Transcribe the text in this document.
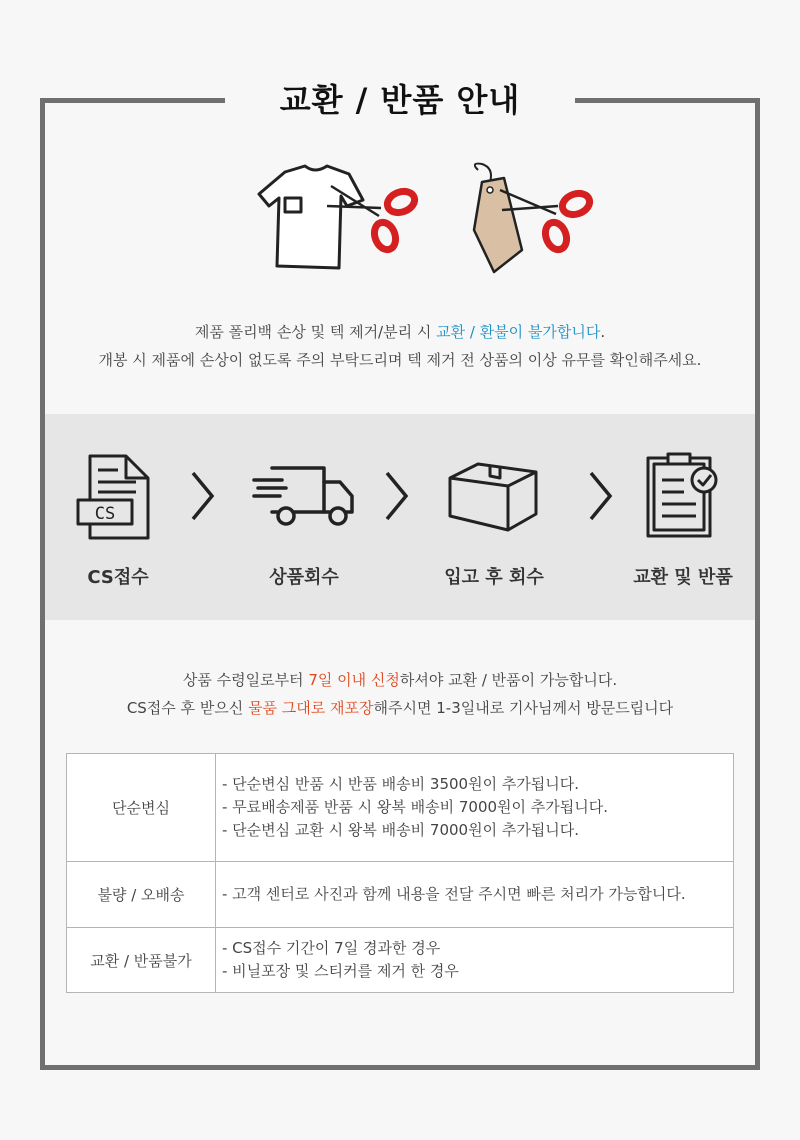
교환 / 반품 안내
제품 폴리백 손상 및 텍 제거/분리 시 교환 / 환불이 불가합니다.
개봉 시 제품에 손상이 없도록 주의 부탁드리며 텍 제거 전 상품의 이상 유무를 확인해주세요.
CS
CS접수	상품회수	입고 후 회수	교환 및 반품
상품 수령일로부터 7일 이내 신청하셔야 교환 / 반품이 가능합니다.
CS접수 후 받으신 물품 그대로 재포장해주시면 1-3일내로 기사님께서 방문드립니다
단순변심	- 단순변심 반품 시 반품 배송비 3500원이 추가됩니다.
- 무료배송제품 반품 시 왕복 배송비 7000원이 추가됩니다.
- 단순변심 교환 시 왕복 배송비 7000원이 추가됩니다.

불량 / 오배송	- 고객 센터로 사진과 함께 내용을 전달 주시면 빠른 처리가 가능합니다.

교환 / 반품불가	- CS접수 기간이 7일 경과한 경우
- 비닐포장 및 스티커를 제거 한 경우
